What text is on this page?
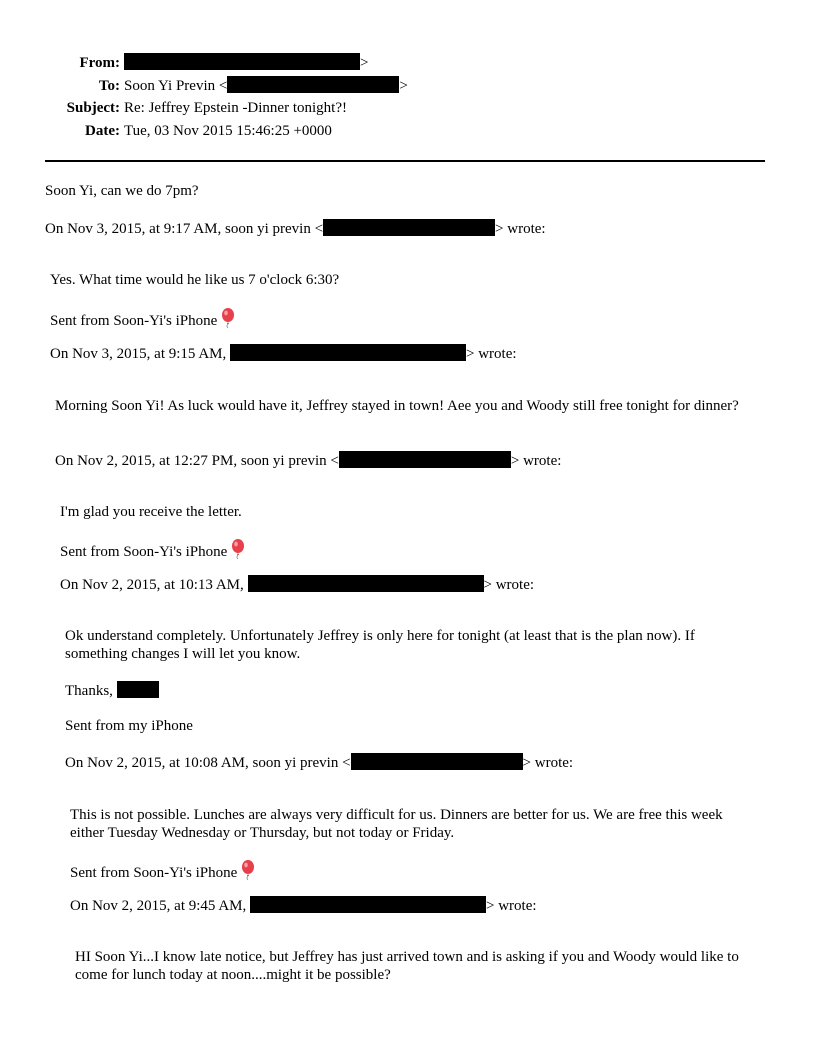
From:	>
To: Soon Yi Previn <	>
Subject: Re: Jeffrey Epstein -Dinner tonight?!
Date: Tue, 03 Nov 2015 15:46:25 +0000
Soon Yi, can we do 7pm?
On Nov 3, 2015, at 9:17 AM, soon yi previn <	> wrote:
Yes. What time would he like us 7 o'clock 6:30?
Sent from Soon-Yi's iPhone
On Nov 3, 2015, at 9:15 AM,	> wrote:
Morning Soon Yi! As luck would have it, Jeffrey stayed in town! Aee you and Woody still free tonight for dinner?
On Nov 2, 2015, at 12:27 PM, soon yi previn <	> wrote:
I'm glad you receive the letter.
Sent from Soon-Yi's iPhone
On Nov 2, 2015, at 10:13 AM,	> wrote:
Ok understand completely. Unfortunately Jeffrey is only here for tonight (at least that is the plan now). If something changes I will let you know.
Thanks,
Sent from my iPhone
On Nov 2, 2015, at 10:08 AM, soon yi previn <	> wrote:
This is not possible. Lunches are always very difficult for us. Dinners are better for us. We are free this week either Tuesday Wednesday or Thursday, but not today or Friday.
Sent from Soon-Yi's iPhone
On Nov 2, 2015, at 9:45 AM,	> wrote:
HI Soon Yi...I know late notice, but Jeffrey has just arrived town and is asking if you and Woody would like to come for lunch today at noon....might it be possible?
